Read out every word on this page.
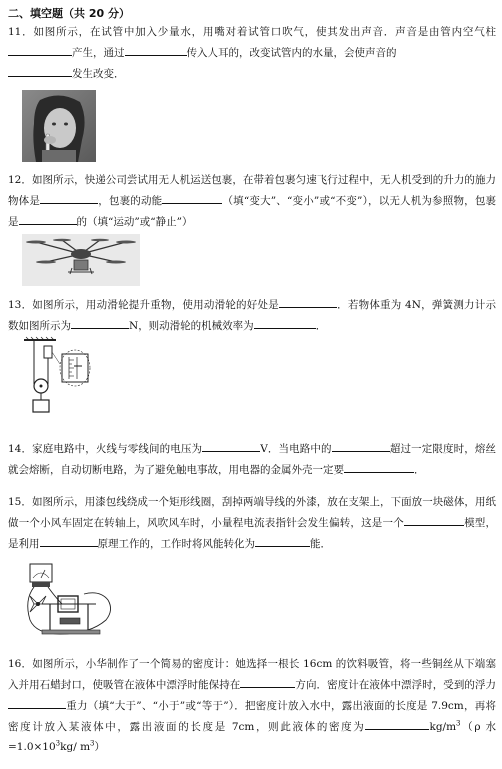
二、填空题（共 20 分）
11．如图所示，在试管中加入少量水，用嘴对着试管口吹气，使其发出声音．声音是由管内空气柱产生，通过	传入人耳的，改变试管内的水量，会使声音的
发生改变．
12．如图所示，快递公司尝试用无人机运送包裹，在带着包裹匀速飞行过程中，无人机受到的升力的施力物体是	，包裹的动能	（填“变大”、“变小”或“不变”），以无人机为参照物，包裹是	的（填“运动”或“静止”）
13．如图所示，用动滑轮提升重物，使用动滑轮的好处是	．若物体重为 4N，弹簧测力计示数如图所示为	N，则动滑轮的机械效率为	．
14．家庭电路中，火线与零线间的电压为	V．当电路中的	超过一定限度时，熔丝就会熔断，自动切断电路，为了避免触电事故，用电器的金属外壳一定要	．
15．如图所示，用漆包线绕成一个矩形线圈，刮掉两端导线的外漆，放在支架上，下面放一块磁体，用纸做一个小风车固定在转轴上，风吹风车时，小量程电流表指针会发生偏转，这是一个	模型，是利用	原理工作的，工作时将风能转化为	能．
16．如图所示，小华制作了一个简易的密度计：她选择一根长 16cm 的饮料吸管，将一些铜丝从下端塞入并用石蜡封口，使吸管在液体中漂浮时能保持在	方向．密度计在液体中漂浮时，受到的浮力重力（填“大于”、“小于”或“等于”）．把密度计放入水中，露出液面的长度是 7.9cm，再将密度计放入某液体中，露出液面的长度是 7cm，则此液体的密度为	$kg/m^3(\rho$ 水$=1.0\times 10^3kg/$ $m^3$）
